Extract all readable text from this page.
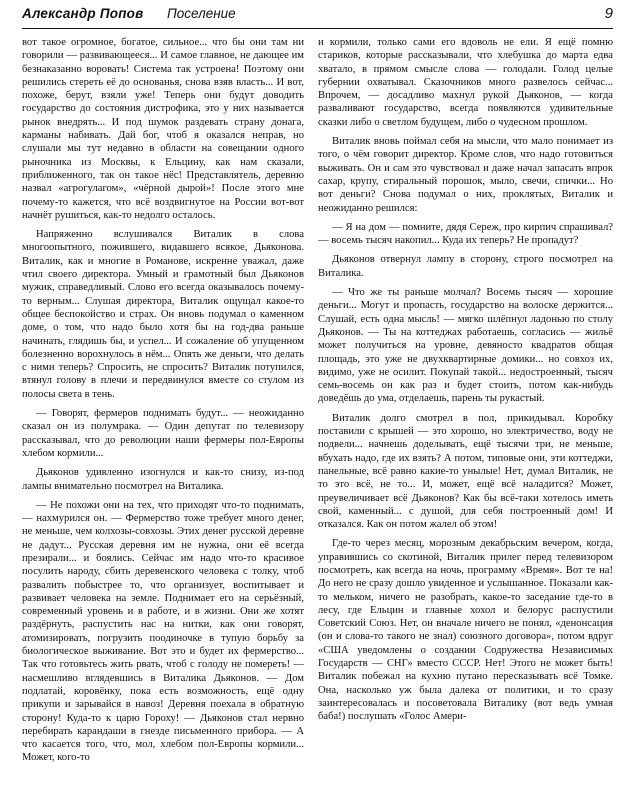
Александр Попов Поселение	9

вот такое огромное, богатое, сильное... что бы они там ни говорили — развивающееся... И самое главное, не дающее им безнаказанно воровать! Система так устроена! Поэтому они решились стереть её до основанья, снова взяв власть... И вот, похоже, берут, взяли уже! Теперь они будут доводить государство до состояния дистрофика, это у них называется рынок внедрять... И под шумок раздевать страну донага, карманы набивать. Дай бог, чтоб я оказался неправ, но слушали мы тут недавно в области на совещании одного рыночника из Москвы, к Ельцину, как нам сказали, приближенного, так он такое нёс! Представлятель, деревню назвал «агрогулагом», «чёрной дырой»! После этого мне почему-то кажется, что всё воздвигнутое на России вот-вот начнёт рушиться, как-то недолго осталось.

Напряженно вслушивался Виталик в слова многоопытного, пожившего, видавшего всякое, Дьяконова. Виталик, как и многие в Романове, искренне уважал, даже чтил своего директора. Умный и грамотный был Дьяконов мужик, справедливый. Слово его всегда оказывалось почему-то верным... Слушая директора, Виталик ощущал какое-то общее беспокойство и страх. Он вновь подумал о каменном доме, о том, что надо было хотя бы на год-два раньше начинать, глядишь бы, и успел... И сожаление об упущенном болезненно ворохнулось в нём... Опять же деньги, что делать с ними теперь? Спросить, не спросить? Виталик потупился, втянул голову в плечи и передвинулся вместе со стулом из полосы света в тень.

— Говорят, фермеров поднимать будут... — неожиданно сказал он из полумрака. — Один депутат по телевизору рассказывал, что до революции наши фермеры пол-Европы хлебом кормили...

Дьяконов удивленно изогнулся и как-то снизу, из-под лампы внимательно посмотрел на Виталика.

— Не похожи они на тех, что приходят что-то поднимать, — нахмурился он. — Фермерство тоже требует много денег, не меньше, чем колхозы-совхозы. Этих денег русской деревне не дадут... Русская деревня им не нужна, они её всегда презирали... и боялись. Сейчас им надо что-то красивое посулить народу, сбить деревенского человека с толку, чтоб развалить побыстрее то, что организует, воспитывает и развивает человека на земле. Поднимает его на серьёзный, современный уровень и в работе, и в жизни. Они же хотят раздёрнуть, распустить нас на нитки, как они говорят, атомизировать, погрузить поодиночке в тупую борьбу за биологическое выживание. Вот это и будет их фермерство... Так что готовьтесь жить рвать, чтоб с голоду не помереть! — насмешливо вглядевшись в Виталика Дьяконов. — Дом подлатай, коровёнку, пока есть возможность, ещё одну прикупи и зарывайся в навоз! Деревня поехала в обратную сторону! Куда-то к царю Гороху! — Дьяконов стал нервно перебирать карандаши в гнезде письменного прибора. — А что касается того, что, мол, хлебом пол-Европы кормили... Может, кого-то

и кормили, только сами его вдоволь не ели. Я ещё помню стариков, которые рассказывали, что хлебушка до марта едва хватало, в прямом смысле слова — голодали. Голод целые губернии охватывал. Сказочников много развелось сейчас... Впрочем, — досадливо махнул рукой Дьяконов, — когда разваливают государство, всегда появляются удивительные сказки либо о светлом будущем, либо о чудесном прошлом.

Виталик вновь поймал себя на мысли, что мало понимает из того, о чём говорит директор. Кроме слов, что надо готовиться выживать. Он и сам это чувствовал и даже начал запасать впрок сахар, крупу, стиральный порошок, мыло, свечи, спички... Но вот деньги? Снова подумал о них, проклятых, Виталик и неожиданно решился:

— Я на дом — помните, дядя Сереж, про кирпич спрашивал? — восемь тысяч накопил... Куда их теперь? Не пропадут?

Дьяконов отвернул лампу в сторону, строго посмотрел на Виталика.

— Что же ты раньше молчал? Восемь тысяч — хорошие деньги... Могут и пропасть, государство на волоске держится... Слушай, есть одна мысль! — мягко шлёпнул ладонью по столу Дьяконов. — Ты на коттеджах работаешь, согласись — жильё может получиться на уровне, девяносто квадратов общая площадь, это уже не двухквартирные домики... но совхоз их, видимо, уже не осилит. Покупай такой... недостроенный, тысяч семь-восемь он как раз и будет стоить, потом как-нибудь доведёшь до ума, отделаешь, парень ты рукастый.

Виталик долго смотрел в пол, прикидывал. Коробку поставили с крышей — это хорошо, но электричество, воду не подвели... начнешь доделывать, ещё тысячи три, не меньше, вбухать надо, где их взять? А потом, типовые они, эти коттеджи, панельные, всё равно какие-то унылые! Нет, думал Виталик, не то это всё, не то... И, может, ещё всё наладится? Может, преувеличивает всё Дьяконов? Как бы всё-таки хотелось иметь свой, каменный... с душой, для себя построенный дом! И отказался. Как он потом жалел об этом!

Где-то через месяц, морозным декабрьским вечером, когда, управившись со скотиной, Виталик прилег перед телевизором посмотреть, как всегда на ночь, программу «Время». Вот те на! До него не сразу дошло увиденное и услышанное. Показали как-то мельком, ничего не разобрать, какое-то заседание где-то в лесу, где Ельцин и главные хохол и белорус распустили Советский Союз. Нет, он вначале ничего не понял, «денонсация (он и слова-то такого не знал) союзного договора», потом вдруг «США уведомлены о создании Содружества Независимых Государств — СНГ» вместо СССР. Нет! Этого не может быть! Виталик побежал на кухню путано пересказывать всё Томке. Она, насколько уж была далека от политики, и то сразу заинтересовалась и посоветовала Виталику (вот ведь умная баба!) послушать «Голос Амери-
